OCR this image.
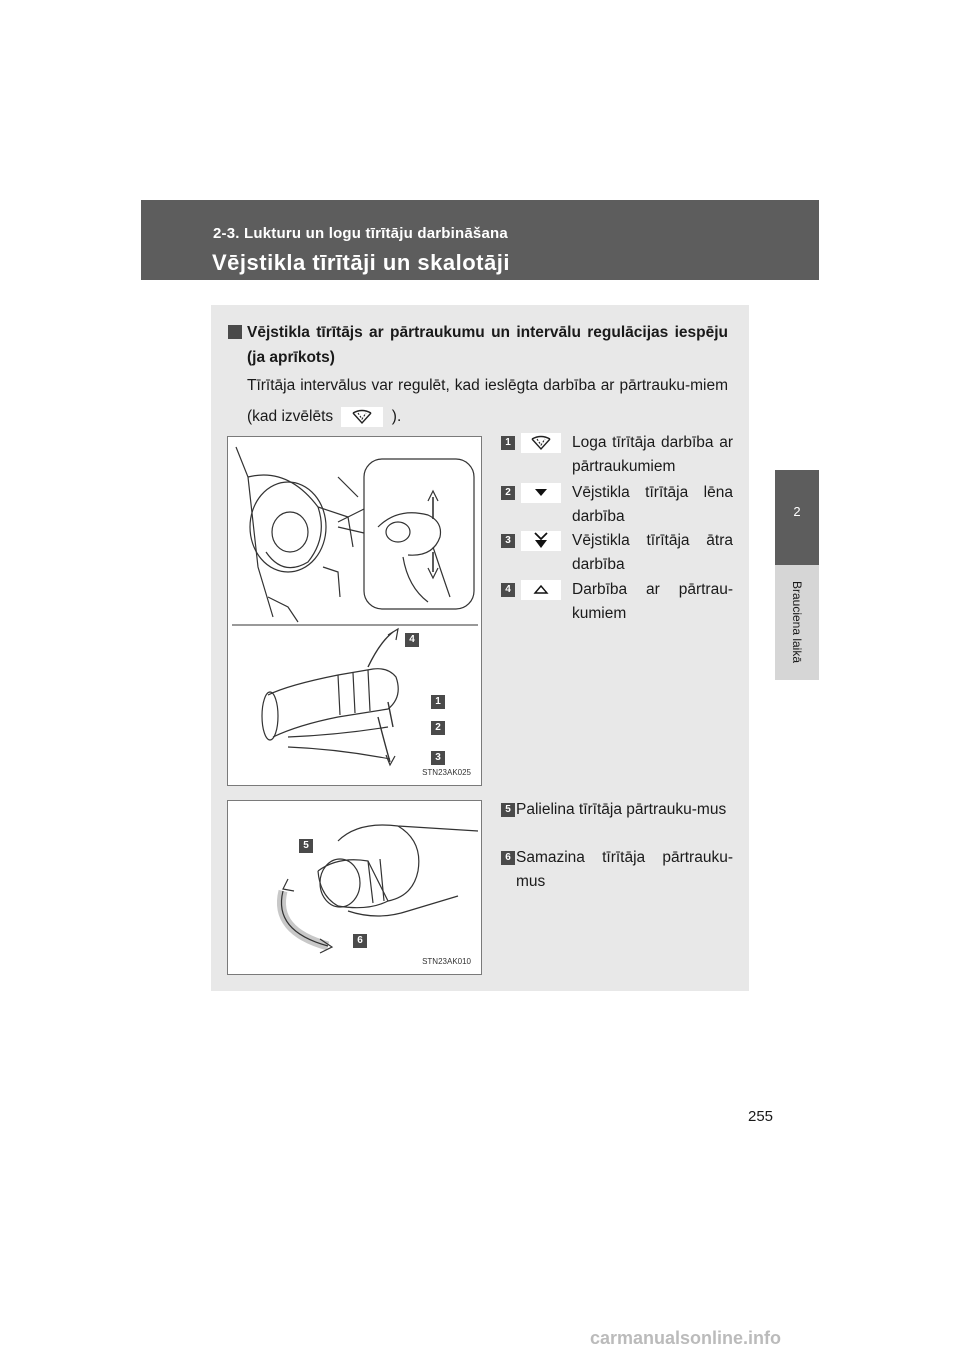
2-3. Lukturu un logu tīrītāju darbināšana
Vējstikla tīrītāji un skalotāji
2
Brauciena laikā
Vējstikla tīrītājs ar pārtraukumu un intervālu regulācijas iespēju (ja aprīkots)
Tīrītāja intervālus var regulēt, kad ieslēgta darbība ar pārtrauku-miem (kad izvēlēts	).
4
1
2
3
STN23AK025
1	Loga tīrītāja darbība ar pārtraukumiem
2	Vējstikla tīrītāja lēna darbība
3	Vējstikla tīrītāja ātra darbība
4	Darbība ar pārtrau-kumiem
5
6
STN23AK010
5 Palielina tīrītāja pārtrauku-mus
6 Samazina tīrītāja pārtrauku-mus
255
carmanualsonline.info
